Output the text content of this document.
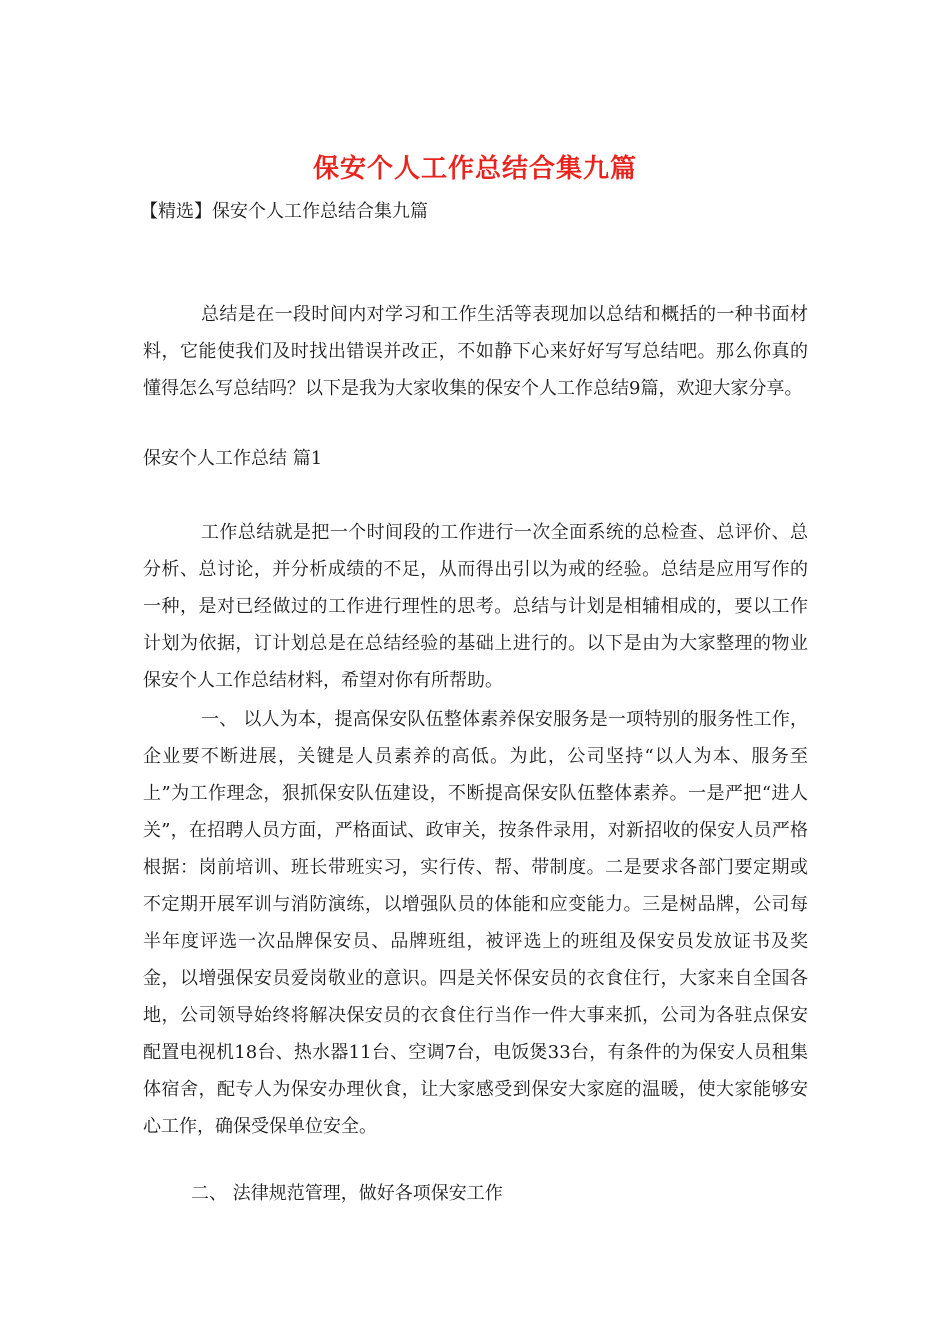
保安个人工作总结合集九篇
【精选】保安个人工作总结合集九篇

总结是在一段时间内对学习和工作生活等表现加以总结和概括的一种书面材料，它能使我们及时找出错误并改正，不如静下心来好好写写总结吧。那么你真的懂得怎么写总结吗？以下是我为大家收集的保安个人工作总结9篇，欢迎大家分享。

保安个人工作总结 篇1

工作总结就是把一个时间段的工作进行一次全面系统的总检查、总评价、总分析、总讨论，并分析成绩的不足，从而得出引以为戒的经验。总结是应用写作的一种，是对已经做过的工作进行理性的思考。总结与计划是相辅相成的，要以工作计划为依据，订计划总是在总结经验的基础上进行的。以下是由为大家整理的物业保安个人工作总结材料，希望对你有所帮助。

一、 以人为本，提高保安队伍整体素养保安服务是一项特别的服务性工作，企业要不断进展，关键是人员素养的高低。为此，公司坚持“以人为本、服务至上”为工作理念，狠抓保安队伍建设，不断提高保安队伍整体素养。一是严把“进人关”，在招聘人员方面，严格面试、政审关，按条件录用，对新招收的保安人员严格根据：岗前培训、班长带班实习，实行传、帮、带制度。二是要求各部门要定期或不定期开展军训与消防演练，以增强队员的体能和应变能力。三是树品牌，公司每半年度评选一次品牌保安员、品牌班组，被评选上的班组及保安员发放证书及奖金，以增强保安员爱岗敬业的意识。四是关怀保安员的衣食住行，大家来自全国各地，公司领导始终将解决保安员的衣食住行当作一件大事来抓，公司为各驻点保安配置电视机18台、热水器11台、空调7台，电饭煲33台，有条件的为保安人员租集体宿舍，配专人为保安办理伙食，让大家感受到保安大家庭的温暖，使大家能够安心工作，确保受保单位安全。

二、 法律规范管理，做好各项保安工作
